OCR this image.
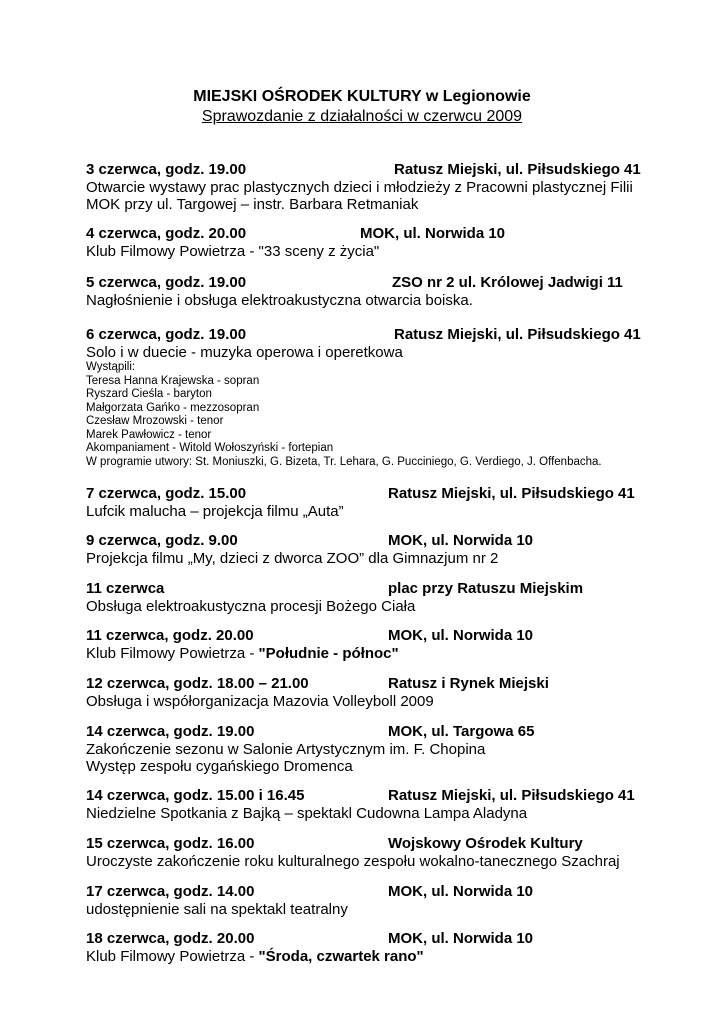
MIEJSKI OŚRODEK KULTURY w Legionowie
Sprawozdanie z działalności w czerwcu 2009
3 czerwca, godz. 19.00	Ratusz Miejski, ul. Piłsudskiego 41
Otwarcie wystawy prac plastycznych dzieci i młodzieży z Pracowni plastycznej Filii
MOK przy ul. Targowej – instr. Barbara Retmaniak
4 czerwca, godz. 20.00	MOK, ul. Norwida 10
Klub Filmowy Powietrza - "33 sceny z życia"
5 czerwca, godz. 19.00	ZSO nr 2 ul. Królowej Jadwigi 11
Nagłośnienie i obsługa elektroakustyczna otwarcia boiska.
6 czerwca, godz. 19.00	Ratusz Miejski, ul. Piłsudskiego 41
Solo i w duecie - muzyka operowa i operetkowa
Wystąpili:
Teresa Hanna Krajewska - sopran
Ryszard Cieśla - baryton
Małgorzata Gańko - mezzosopran
Czesław Mrozowski - tenor
Marek Pawłowicz - tenor
Akompaniament - Witold Wołoszyński - fortepian
W programie utwory: St. Moniuszki, G. Bizeta, Tr. Lehara, G. Pucciniego, G. Verdiego, J. Offenbacha.
7 czerwca, godz. 15.00	Ratusz Miejski, ul. Piłsudskiego 41
Lufcik malucha – projekcja filmu „Auta”
9 czerwca, godz. 9.00	MOK, ul. Norwida 10
Projekcja filmu „My, dzieci z dworca ZOO” dla Gimnazjum nr 2
11 czerwca	plac przy Ratuszu Miejskim
Obsługa elektroakustyczna procesji Bożego Ciała
11 czerwca, godz. 20.00	MOK, ul. Norwida 10
Klub Filmowy Powietrza - "Południe - północ"
12 czerwca, godz. 18.00 – 21.00	Ratusz i Rynek Miejski
Obsługa i współorganizacja Mazovia Volleyboll 2009
14 czerwca, godz. 19.00	MOK, ul. Targowa 65
Zakończenie sezonu w Salonie Artystycznym im. F. Chopina
Występ zespołu cygańskiego Dromenca
14 czerwca, godz. 15.00 i 16.45	Ratusz Miejski, ul. Piłsudskiego 41
Niedzielne Spotkania z Bajką – spektakl Cudowna Lampa Aladyna
15 czerwca, godz. 16.00	Wojskowy Ośrodek Kultury
Uroczyste zakończenie roku kulturalnego zespołu wokalno-tanecznego Szachraj
17 czerwca, godz. 14.00	MOK, ul. Norwida 10
udostępnienie sali na spektakl teatralny
18 czerwca, godz. 20.00	MOK, ul. Norwida 10
Klub Filmowy Powietrza - "Środa, czwartek rano"
